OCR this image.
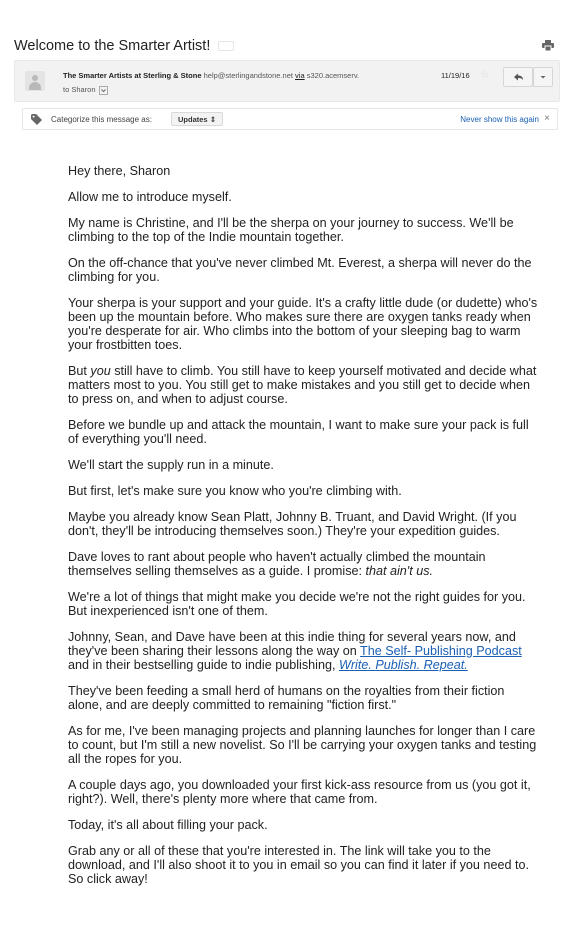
Welcome to the Smarter Artist!
The Smarter Artists at Sterling & Stone help@sterlingandstone.net via s320.acemserv.
to Sharon
11/19/16 ☆
Categorize this message as:	Updates ⇕	Never show this again ×

Hey there, Sharon

Allow me to introduce myself.

My name is Christine, and I'll be the sherpa on your journey to success. We'll be climbing to the top of the Indie mountain together.

On the off-chance that you've never climbed Mt. Everest, a sherpa will never do the climbing for you.

Your sherpa is your support and your guide. It's a crafty little dude (or dudette) who's been up the mountain before. Who makes sure there are oxygen tanks ready when you're desperate for air. Who climbs into the bottom of your sleeping bag to warm your frostbitten toes.

But you still have to climb. You still have to keep yourself motivated and decide what matters most to you. You still get to make mistakes and you still get to decide when to press on, and when to adjust course.

Before we bundle up and attack the mountain, I want to make sure your pack is full of everything you'll need.

We'll start the supply run in a minute.

But first, let's make sure you know who you're climbing with.

Maybe you already know Sean Platt, Johnny B. Truant, and David Wright. (If you don't, they'll be introducing themselves soon.) They're your expedition guides.

Dave loves to rant about people who haven't actually climbed the mountain themselves selling themselves as a guide. I promise: that ain't us.

We're a lot of things that might make you decide we're not the right guides for you. But inexperienced isn't one of them.

Johnny, Sean, and Dave have been at this indie thing for several years now, and they've been sharing their lessons along the way on The Self- Publishing Podcast and in their bestselling guide to indie publishing, Write. Publish. Repeat.

They've been feeding a small herd of humans on the royalties from their fiction alone, and are deeply committed to remaining "fiction first."

As for me, I've been managing projects and planning launches for longer than I care to count, but I'm still a new novelist. So I'll be carrying your oxygen tanks and testing all the ropes for you.

A couple days ago, you downloaded your first kick-ass resource from us (you got it, right?). Well, there's plenty more where that came from.

Today, it's all about filling your pack.

Grab any or all of these that you're interested in. The link will take you to the download, and I'll also shoot it to you in email so you can find it later if you need to. So click away!
